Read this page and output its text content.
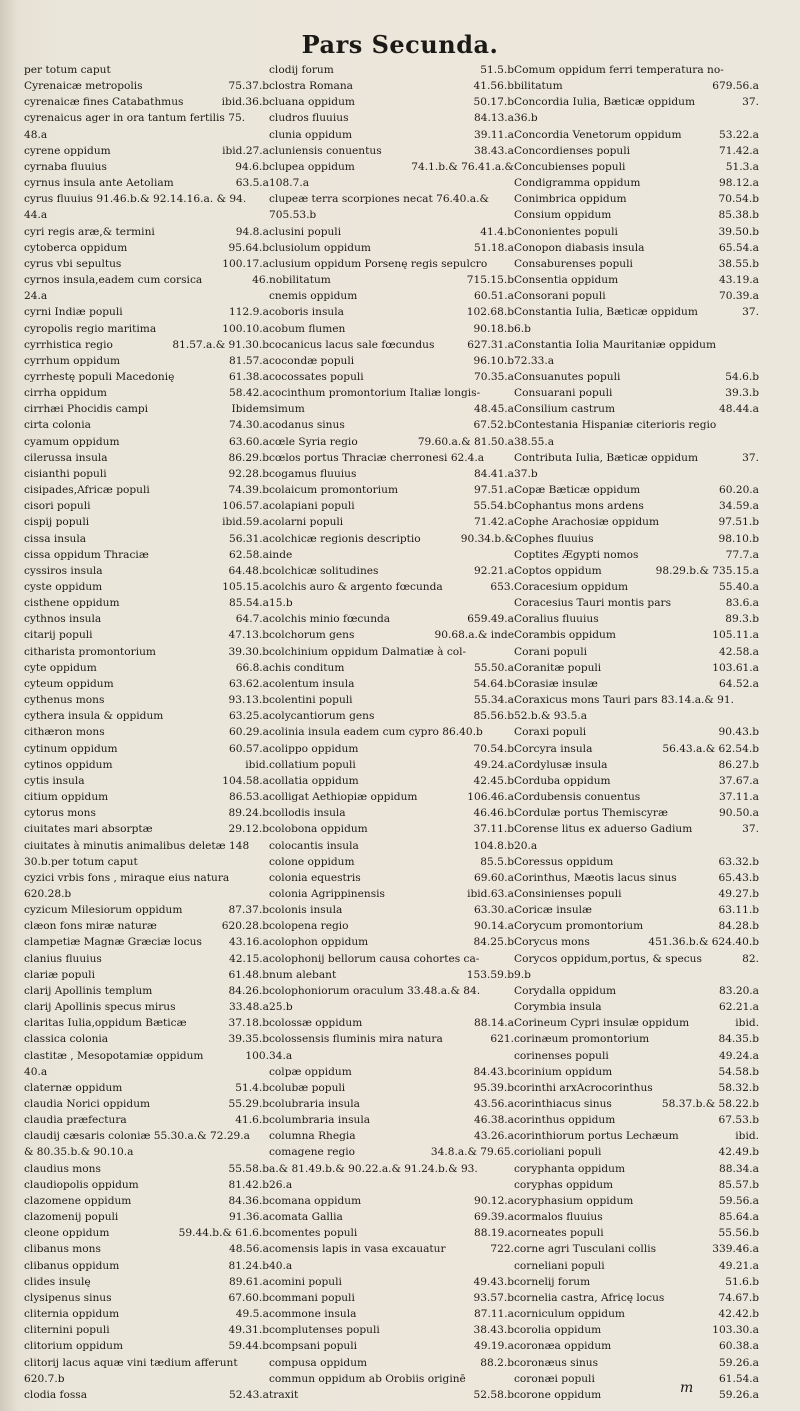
Pars Secunda.
per totum caput
Cyrenaicæ metropolis	75.37.b
cyrenaicæ fines Catabathmus	ibid.36.b
cyrenaicus ager in ora tantum fertilis 75.
48.a
cyrene oppidum	ibid.27.a
cyrnaba fluuius	94.6.b
cyrnus insula ante Aetoliam	63.5.a
cyrus fluuius 91.46.b.& 92.14.16.a. & 94.
44.a
cyri regis aræ,& termini	94.8.a
cytoberca oppidum	95.64.b
cyrus vbi sepultus	100.17.a
cyrnos insula,eadem cum corsica	46.
24.a
cyrni Indiæ populi	112.9.a
cyropolis regio maritima	100.10.a
cyrrhistica regio	81.57.a.& 91.30.b
cyrrhum oppidum	81.57.a
cyrrhestę populi Macedonię	61.38.a
cirrha oppidum	58.42.a
cirrhæi Phocidis campi	Ibidem
cirta colonia	74.30.a
cyamum oppidum	63.60.a
cilerussa insula	86.29.b
cisianthi populi	92.28.b
cisipades,Africæ populi	74.39.b
cisori populi	106.57.a
cispij populi	ibid.59.a
cissa insula	56.31.a
cissa oppidum Thraciæ	62.58.a
cyssiros insula	64.48.b
cyste oppidum	105.15.a
cisthene oppidum	85.54.a
cythnos insula	64.7.a
citarij populi	47.13.b
citharista promontorium	39.30.b
cyte oppidum	66.8.a
cyteum oppidum	63.62.a
cythenus mons	93.13.b
cythera insula & oppidum	63.25.a
cithæron mons	60.29.a
cytinum oppidum	60.57.a
cytinos oppidum	ibid.
cytis insula	104.58.a
citium oppidum	86.53.a
cytorus mons	89.24.b
ciuitates mari absorptæ	29.12.b
ciuitates à minutis animalibus deletæ 148
30.b.per totum caput
cyzici vrbis fons , miraque eius natura
620.28.b
cyzicum Milesiorum oppidum	87.37.b
clæon fons miræ naturæ	620.28.b
clampetiæ Magnæ Græciæ locus	43.16.a
clanius fluuius	42.15.a
clariæ populi	61.48.b
clarij Apollinis templum	84.26.b
clarij Apollinis specus mirus	33.48.a
claritas Iulia,oppidum Bæticæ	37.18.b
classica colonia	39.35.b
clastitæ , Mesopotamiæ oppidum	100.
40.a
claternæ oppidum	51.4.b
claudia Norici oppidum	55.29.b
claudia præfectura	41.6.b
claudij cæsaris coloniæ 55.30.a.& 72.29.a
& 80.35.b.& 90.10.a
claudius mons	55.58.b
claudiopolis oppidum	81.42.b
clazomene oppidum	84.36.b
clazomenij populi	91.36.a
cleone oppidum	59.44.b.& 61.6.b
clibanus mons	48.56.a
clibanus oppidum	81.24.b
clides insulę	89.61.a
clysipenus sinus	67.60.b
cliternia oppidum	49.5.a
cliternini populi	49.31.b
clitorium oppidum	59.44.b
clitorij lacus aquæ vini tædium afferunt
620.7.b
clodia fossa	52.43.a
clodij forum	51.5.b
clostra Romana	41.56.b
cluana oppidum	50.17.b
cludros fluuius	84.13.a
clunia oppidum	39.11.a
cluniensis conuentus	38.43.a
clupea oppidum	74.1.b.& 76.41.a.&
108.7.a
clupeæ terra scorpiones necat 76.40.a.&
705.53.b
clusini populi	41.4.b
clusiolum oppidum	51.18.a
clusium oppidum Porsenę regis sepulcro
nobilitatum	715.15.b
cnemis oppidum	60.51.a
coboris insula	102.68.b
cobum flumen	90.18.b
cocanicus lacus sale fœcundus	627.31.a
cocondæ populi	96.10.b
cocossates populi	70.35.a
cocinthum promontorium Italiæ longis-
simum	48.45.a
codanus sinus	67.52.b
cœle Syria regio	79.60.a.& 81.50.a
cœlos portus Thraciæ cherronesi 62.4.a
cogamus fluuius	84.41.a
colaicum promontorium	97.51.a
colapiani populi	55.54.b
colarni populi	71.42.a
colchicæ regionis descriptio	90.34.b.&
inde
colchicæ solitudines	92.21.a
colchis auro & argento fœcunda	653.
15.b
colchis minio fœcunda	659.49.a
colchorum gens	90.68.a.& inde
colchinium oppidum Dalmatiæ à col-
chis conditum	55.50.a
colentum insula	54.64.b
colentini populi	55.34.a
colycantiorum gens	85.56.b
colinia insula eadem cum cypro 86.40.b
colippo oppidum	70.54.b
collatium populi	49.24.a
collatia oppidum	42.45.b
colligat Aethiopiæ oppidum	106.46.a
collodis insula	46.46.b
colobona oppidum	37.11.b
colocantis insula	104.8.b
colone oppidum	85.5.b
colonia equestris	69.60.a
colonia Agrippinensis	ibid.63.a
colonis insula	63.30.a
colopena regio	90.14.a
colophon oppidum	84.25.b
colophonij bellorum causa cohortes ca-
num alebant	153.59.b
colophoniorum oraculum 33.48.a.& 84.
25.b
colossæ oppidum	88.14.a
colossensis fluminis mira natura	621.
34.a
colpæ oppidum	84.43.b
colubæ populi	95.39.b
colubraria insula	43.56.a
columbraria insula	46.38.a
columna Rhegia	43.26.a
comagene regio	34.8.a.& 79.65.
a.& 81.49.b.& 90.22.a.& 91.24.b.& 93.
26.a
comana oppidum	90.12.a
comata Gallia	69.39.a
comentes populi	88.19.a
comensis lapis in vasa excauatur	722.
40.a
comini populi	49.43.b
commani populi	93.57.b
commone insula	87.11.a
complutenses populi	38.43.b
compsani populi	49.19.a
compusa oppidum	88.2.b
commun oppidum ab Orobiis originē
traxit	52.58.b
Comum oppidum ferri temperatura no-
bilitatum	679.56.a
Concordia Iulia, Bæticæ oppidum	37.
36.b
Concordia Venetorum oppidum	53.22.a
Concordienses populi	71.42.a
Concubienses populi	51.3.a
Condigramma oppidum	98.12.a
Conimbrica oppidum	70.54.b
Consium oppidum	85.38.b
Cononientes populi	39.50.b
Conopon diabasis insula	65.54.a
Consaburenses populi	38.55.b
Consentia oppidum	43.19.a
Consorani populi	70.39.a
Constantia Iulia, Bæticæ oppidum	37.
6.b
Constantia Iolia Mauritaniæ oppidum
72.33.a
Consuanutes populi	54.6.b
Consuarani populi	39.3.b
Consilium castrum	48.44.a
Contestania Hispaniæ citerioris regio
38.55.a
Contributa Iulia, Bæticæ oppidum	37.
37.b
Copæ Bæticæ oppidum	60.20.a
Cophantus mons ardens	34.59.a
Cophe Arachosiæ oppidum	97.51.b
Cophes fluuius	98.10.b
Coptites Ægypti nomos	77.7.a
Coptos oppidum	98.29.b.& 735.15.a
Coracesium oppidum	55.40.a
Coracesius Tauri montis pars	83.6.a
Coralius fluuius	89.3.b
Corambis oppidum	105.11.a
Corani populi	42.58.a
Coranitæ populi	103.61.a
Corasiæ insulæ	64.52.a
Coraxicus mons Tauri pars 83.14.a.& 91.
52.b.& 93.5.a
Coraxi populi	90.43.b
Corcyra insula	56.43.a.& 62.54.b
Cordylusæ insula	86.27.b
Corduba oppidum	37.67.a
Cordubensis conuentus	37.11.a
Cordulæ portus Themiscyræ	90.50.a
Corense litus ex aduerso Gadium	37.
20.a
Coressus oppidum	63.32.b
Corinthus, Mæotis lacus sinus	65.43.b
Consinienses populi	49.27.b
Coricæ insulæ	63.11.b
Corycum promontorium	84.28.b
Corycus mons	451.36.b.& 624.40.b
Corycos oppidum,portus, & specus	82.
9.b
Corydalla oppidum	83.20.a
Corymbia insula	62.21.a
Corineum Cypri insulæ oppidum	ibid.
corinæum promontorium	84.35.b
corinenses populi	49.24.a
corinium oppidum	54.58.b
corinthi arxAcrocorinthus	58.32.b
corinthiacus sinus	58.37.b.& 58.22.b
corinthus oppidum	67.53.b
corinthiorum portus Lechæum	ibid.
corioliani populi	42.49.b
coryphanta oppidum	88.34.a
coryphas oppidum	85.57.b
coryphasium oppidum	59.56.a
cormalos fluuius	85.64.a
corneates populi	55.56.b
corne agri Tusculani collis	339.46.a
corneliani populi	49.21.a
cornelij forum	51.6.b
cornelia castra, Africę locus	74.67.b
corniculum oppidum	42.42.b
corolia oppidum	103.30.a
coronæa oppidum	60.38.a
coronæus sinus	59.26.a
coronæi populi	61.54.a
corone oppidum	59.26.a
m
